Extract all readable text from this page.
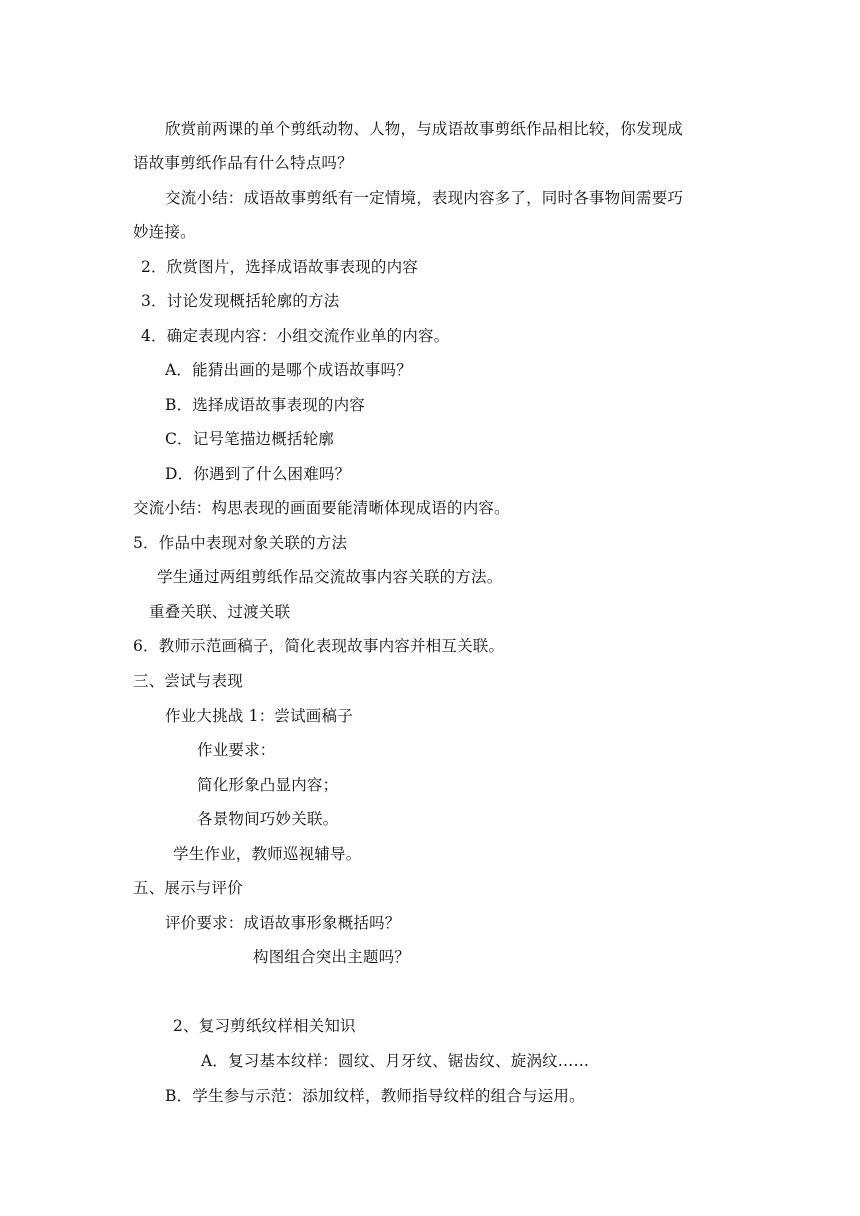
欣赏前两课的单个剪纸动物、人物，与成语故事剪纸作品相比较，你发现成
语故事剪纸作品有什么特点吗？
交流小结：成语故事剪纸有一定情境，表现内容多了，同时各事物间需要巧
妙连接。
2．欣赏图片，选择成语故事表现的内容
3．讨论发现概括轮廓的方法
4．确定表现内容：小组交流作业单的内容。
A．能猜出画的是哪个成语故事吗？
B．选择成语故事表现的内容
C．记号笔描边概括轮廓
D．你遇到了什么困难吗？
交流小结：构思表现的画面要能清晰体现成语的内容。
5．作品中表现对象关联的方法
学生通过两组剪纸作品交流故事内容关联的方法。
重叠关联、过渡关联
6．教师示范画稿子，简化表现故事内容并相互关联。
三、尝试与表现
作业大挑战 1：尝试画稿子
作业要求：
简化形象凸显内容；
各景物间巧妙关联。
学生作业，教师巡视辅导。
五、展示与评价
评价要求：成语故事形象概括吗？
构图组合突出主题吗？
2、复习剪纸纹样相关知识
A．复习基本纹样：圆纹、月牙纹、锯齿纹、旋涡纹……
B．学生参与示范：添加纹样，教师指导纹样的组合与运用。
